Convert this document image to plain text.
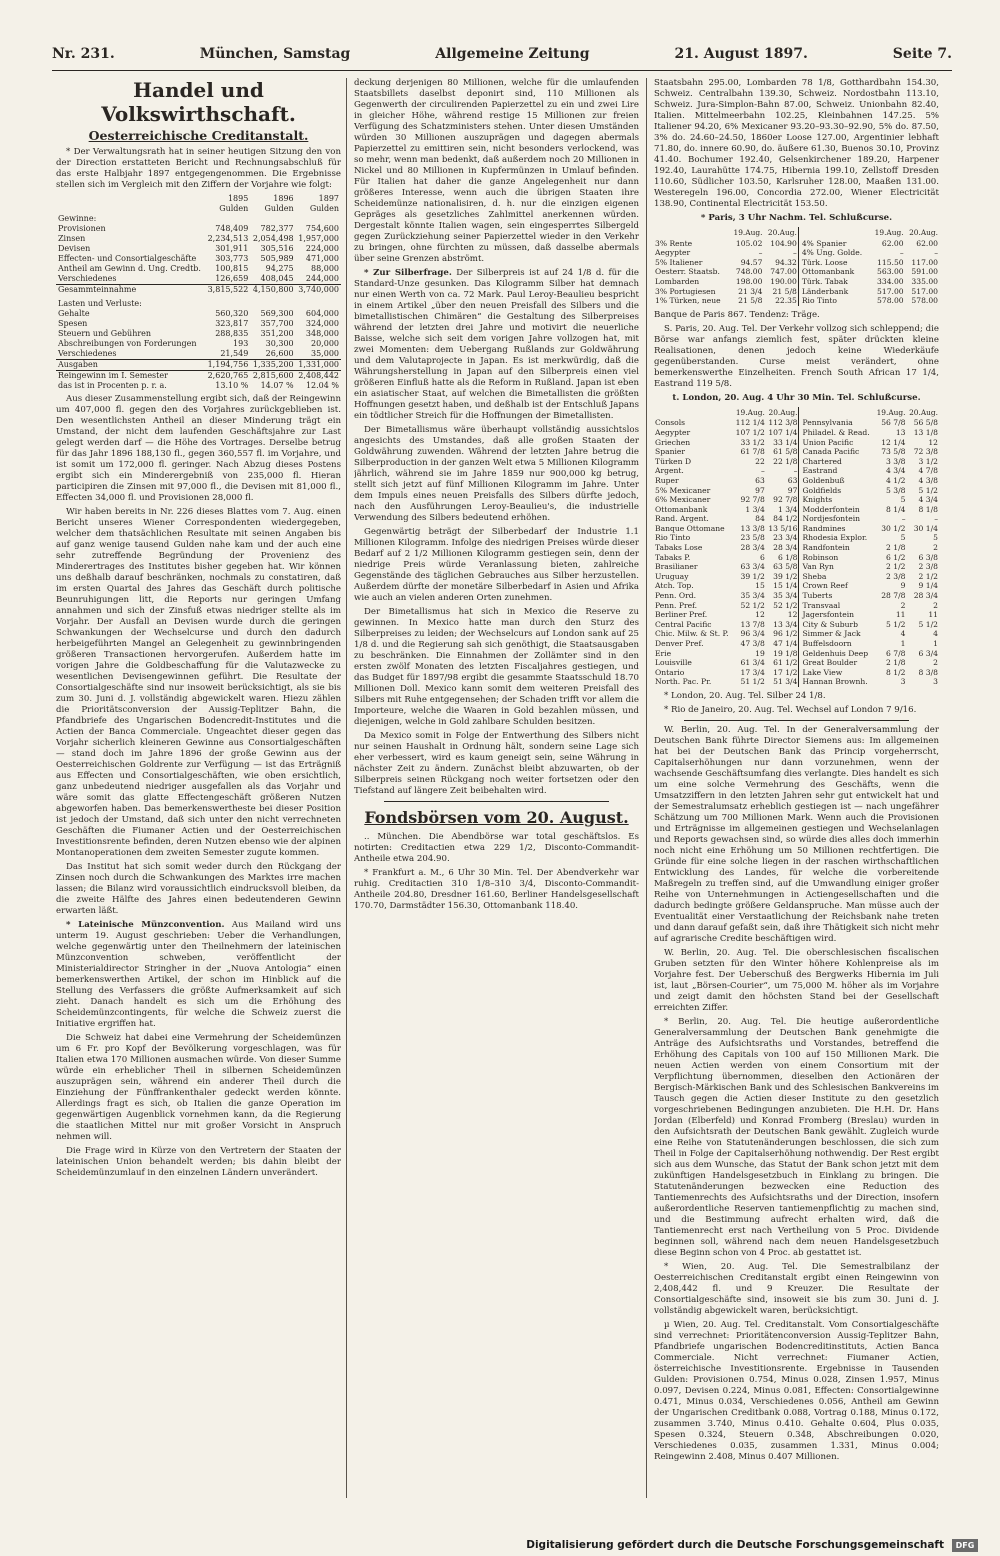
Nr. 231.	München, Samstag	Allgemeine Zeitung	21. August 1897.	Seite 7.
Handel und Volkswirthschaft.
Oesterreichische Creditanstalt.

* Der Verwaltungsrath hat in seiner heutigen Sitzung den von der Direction erstatteten Bericht und Rechnungsabschluß für das erste Halbjahr 1897 entgegengenommen. Die Ergebnisse stellen sich im Vergleich mit den Ziffern der Vorjahre wie folgt:

	1895	1896	1897
	Gulden	Gulden	Gulden
Gewinne:			
Provisionen	748,409	782,377	754,600
Zinsen	2,234,513	2,054,498	1,957,000
Devisen	301,911	305,516	224,000
Effecten- und Consortialgeschäfte	303,773	505,989	471,000
Antheil am Gewinn d. Ung. Credtb.	100,815	94,275	88,000
Verschiedenes	126,659	408,045	244,000
Gesammteinnahme	3,815,522	4,150,800	3,740,000
Lasten und Verluste:			
Gehalte	560,320	569,300	604,000
Spesen	323,817	357,700	324,000
Steuern und Gebühren	288,835	351,200	348,000
Abschreibungen von Forderungen	193	30,300	20,000
Verschiedenes	21,549	26,600	35,000
Ausgaben	1,194,756	1,335,200	1,331,000
Reingewinn im I. Semester	2,620,765	2,815,600	2,408,442
das ist in Procenten p. r. a.	13.10 %	14.07 %	12.04 %

Aus dieser Zusammenstellung ergibt sich, daß der Reingewinn um 407,000 fl. gegen den des Vorjahres zurückgeblieben ist. Den wesentlichsten Antheil an dieser Minderung trägt ein Umstand, der nicht dem laufenden Geschäftsjahre zur Last gelegt werden darf — die Höhe des Vortrages. Derselbe betrug für das Jahr 1896 188,130 fl., gegen 360,557 fl. im Vorjahre, und ist somit um 172,000 fl. geringer. Nach Abzug dieses Postens ergibt sich ein Minderergebniß von 235,000 fl. Hieran participiren die Zinsen mit 97,000 fl., die Devisen mit 81,000 fl., Effecten 34,000 fl. und Provisionen 28,000 fl.

Wir haben bereits in Nr. 226 dieses Blattes vom 7. Aug. einen Bericht unseres Wiener Correspondenten wiedergegeben, welcher dem thatsächlichen Resultate mit seinen Angaben bis auf ganz wenige tausend Gulden nahe kam und der auch eine sehr zutreffende Begründung der Provenienz des Minderertrages des Institutes bisher gegeben hat. Wir können uns deßhalb darauf beschränken, nochmals zu constatiren, daß im ersten Quartal des Jahres das Geschäft durch politische Beunruhigungen litt, die Reports nur geringen Umfang annahmen und sich der Zinsfuß etwas niedriger stellte als im Vorjahr. Der Ausfall an Devisen wurde durch die geringen Schwankungen der Wechselcurse und durch den dadurch herbeigeführten Mangel an Gelegenheit zu gewinnbringenden größeren Transactionen hervorgerufen. Außerdem hatte im vorigen Jahre die Goldbeschaffung für die Valutazwecke zu wesentlichen Devisengewinnen geführt. Die Resultate der Consortialgeschäfte sind nur insoweit berücksichtigt, als sie bis zum 30. Juni d. J. vollständig abgewickelt waren. Hiezu zählen die Prioritätsconversion der Aussig-Teplitzer Bahn, die Pfandbriefe des Ungarischen Bodencredit-Institutes und die Actien der Banca Commerciale. Ungeachtet dieser gegen das Vorjahr sicherlich kleineren Gewinne aus Consortialgeschäften — stand doch im Jahre 1896 der große Gewinn aus der Oesterreichischen Goldrente zur Verfügung — ist das Erträgniß aus Effecten und Consortialgeschäften, wie oben ersichtlich, ganz unbedeutend niedriger ausgefallen als das Vorjahr und wäre somit das glatte Effectengeschäft größeren Nutzen abgeworfen haben. Das bemerkenswertheste bei dieser Position ist jedoch der Umstand, daß sich unter den nicht verrechneten Geschäften die Fiumaner Actien und der Oesterreichischen Investitionsrente befinden, deren Nutzen ebenso wie der alpinen Montanoperationen dem zweiten Semester zugute kommen.

Das Institut hat sich somit weder durch den Rückgang der Zinsen noch durch die Schwankungen des Marktes irre machen lassen; die Bilanz wird voraussichtlich eindrucksvoll bleiben, da die zweite Hälfte des Jahres einen bedeutenderen Gewinn erwarten läßt.

* Lateinische Münzconvention. Aus Mailand wird uns unterm 19. August geschrieben: Ueber die Verhandlungen, welche gegenwärtig unter den Theilnehmern der lateinischen Münzconvention schweben, veröffentlicht der Ministerialdirector Stringher in der „Nuova Antologia“ einen bemerkenswerthen Artikel, der schon im Hinblick auf die Stellung des Verfassers die größte Aufmerksamkeit auf sich zieht. Danach handelt es sich um die Erhöhung des Scheidemünzcontingents, für welche die Schweiz zuerst die Initiative ergriffen hat.

Die Schweiz hat dabei eine Vermehrung der Scheidemünzen um 6 Fr. pro Kopf der Bevölkerung vorgeschlagen, was für Italien etwa 170 Millionen ausmachen würde. Von dieser Summe würde ein erheblicher Theil in silbernen Scheidemünzen auszuprägen sein, während ein anderer Theil durch die Einziehung der Fünffrankenthaler gedeckt werden könnte. Allerdings fragt es sich, ob Italien die ganze Operation im gegenwärtigen Augenblick vornehmen kann, da die Regierung die staatlichen Mittel nur mit großer Vorsicht in Anspruch nehmen will.

Die Frage wird in Kürze von den Vertretern der Staaten der lateinischen Union behandelt werden; bis dahin bleibt der Scheidemünzumlauf in den einzelnen Ländern unverändert.

deckung derjenigen 80 Millionen, welche für die umlaufenden Staatsbillets daselbst deponirt sind, 110 Millionen als Gegenwerth der circulirenden Papierzettel zu ein und zwei Lire in gleicher Höhe, während restige 15 Millionen zur freien Verfügung des Schatzministers stehen. Unter diesen Umständen würden 30 Millionen auszuprägen und dagegen abermals Papierzettel zu emittiren sein, nicht besonders verlockend, was so mehr, wenn man bedenkt, daß außerdem noch 20 Millionen in Nickel und 80 Millionen in Kupfermünzen in Umlauf befinden. Für Italien hat daher die ganze Angelegenheit nur dann größeres Interesse, wenn auch die übrigen Staaten ihre Scheidemünze nationalisiren, d. h. nur die einzigen eigenen Gepräges als gesetzliches Zahlmittel anerkennen würden. Dergestalt könnte Italien wagen, sein eingesperrtes Silbergeld gegen Zurückziehung seiner Papierzettel wieder in den Verkehr zu bringen, ohne fürchten zu müssen, daß dasselbe abermals über seine Grenzen abströmt.

* Zur Silberfrage. Der Silberpreis ist auf 24 1/8 d. für die Standard-Unze gesunken. Das Kilogramm Silber hat demnach nur einen Werth von ca. 72 Mark. Paul Leroy-Beaulieu bespricht in einem Artikel „über den neuen Preisfall des Silbers und die bimetallistischen Chimären“ die Gestaltung des Silberpreises während der letzten drei Jahre und motivirt die neuerliche Baisse, welche sich seit dem vorigen Jahre vollzogen hat, mit zwei Momenten: dem Uebergang Rußlands zur Goldwährung und dem Valutaprojecte in Japan. Es ist merkwürdig, daß die Währungsherstellung in Japan auf den Silberpreis einen viel größeren Einfluß hatte als die Reform in Rußland. Japan ist eben ein asiatischer Staat, auf welchen die Bimetallisten die größten Hoffnungen gesetzt haben, und deßhalb ist der Entschluß Japans ein tödtlicher Streich für die Hoffnungen der Bimetallisten.

Der Bimetallismus wäre überhaupt vollständig aussichtslos angesichts des Umstandes, daß alle großen Staaten der Goldwährung zuwenden. Während der letzten Jahre betrug die Silberproduction in der ganzen Welt etwa 5 Millionen Kilogramm jährlich, während sie im Jahre 1859 nur 900,000 kg betrug, stellt sich jetzt auf fünf Millionen Kilogramm im Jahre. Unter dem Impuls eines neuen Preisfalls des Silbers dürfte jedoch, nach den Ausführungen Leroy-Beaulieu's, die industrielle Verwendung des Silbers bedeutend erhöhen.

Gegenwärtig beträgt der Silberbedarf der Industrie 1.1 Millionen Kilogramm. Infolge des niedrigen Preises würde dieser Bedarf auf 2 1/2 Millionen Kilogramm gestiegen sein, denn der niedrige Preis würde Veranlassung bieten, zahlreiche Gegenstände des täglichen Gebrauches aus Silber herzustellen. Außerdem dürfte der monetäre Silberbedarf in Asien und Afrika wie auch an vielen anderen Orten zunehmen.

Der Bimetallismus hat sich in Mexico die Reserve zu gewinnen. In Mexico hatte man durch den Sturz des Silberpreises zu leiden; der Wechselcurs auf London sank auf 25 1/8 d. und die Regierung sah sich genöthigt, die Staatsausgaben zu beschränken. Die Einnahmen der Zollämter sind in den ersten zwölf Monaten des letzten Fiscaljahres gestiegen, und das Budget für 1897/98 ergibt die gesammte Staatsschuld 18.70 Millionen Doll. Mexico kann somit dem weiteren Preisfall des Silbers mit Ruhe entgegensehen; der Schaden trifft vor allem die Importeure, welche die Waaren in Gold bezahlen müssen, und diejenigen, welche in Gold zahlbare Schulden besitzen.

Da Mexico somit in Folge der Entwerthung des Silbers nicht nur seinen Haushalt in Ordnung hält, sondern seine Lage sich eher verbessert, wird es kaum geneigt sein, seine Währung in nächster Zeit zu ändern. Zunächst bleibt abzuwarten, ob der Silberpreis seinen Rückgang noch weiter fortsetzen oder den Tiefstand auf längere Zeit beibehalten wird.

Fondsbörsen vom 20. August.

.. München. Die Abendbörse war total geschäftslos. Es notirten: Creditactien etwa 229 1/2, Disconto-Commandit-Antheile etwa 204.90.

* Frankfurt a. M., 6 Uhr 30 Min. Tel. Der Abendverkehr war ruhig. Creditactien 310 1/8–310 3/4, Disconto-Commandit-Antheile 204.80, Dresdner 161.60, Berliner Handelsgesellschaft 170.70, Darmstädter 156.30, Ottomanbank 118.40.

Staatsbahn 295.00, Lombarden 78 1/8, Gotthardbahn 154.30, Schweiz. Centralbahn 139.30, Schweiz. Nordostbahn 113.10, Schweiz. Jura-Simplon-Bahn 87.00, Schweiz. Unionbahn 82.40, Italien. Mittelmeerbahn 102.25, Kleinbahnen 147.25. 5% Italiener 94.20, 6% Mexicaner 93.20–93.30–92.90, 5% do. 87.50, 3% do. 24.60–24.50, 1860er Loose 127.00, Argentinier lebhaft 71.80, do. innere 60.90, do. äußere 61.30, Buenos 30.10, Provinz 41.40. Bochumer 192.40, Gelsenkirchener 189.20, Harpener 192.40, Laurahütte 174.75, Hibernia 199.10, Zellstoff Dresden 110.60, Südlicher 103.50, Karlsruher 128.00, Maaßen 131.00. Westeregeln 196.00, Concordia 272.00, Wiener Electricität 138.90, Continental Electricität 153.50.

* Paris, 3 Uhr Nachm. Tel. Schlußcurse.

	19.Aug.	20.Aug.		19.Aug.	20.Aug.
3% Rente	105.02	104.90	4% Spanier	62.00	62.00
Aegypter	–	–	4% Ung. Golde.	–	–
5% Italiener	94.57	94.32	Türk. Loose	115.50	117.00
Oesterr. Staatsb.	748.00	747.00	Ottomanbank	563.00	591.00
Lombarden	198.00	190.00	Türk. Tabak	334.00	335.00
3% Portugiesen	21 3/4	21 5/8	Länderbank	517.00	517.00
1% Türken, neue	21 5/8	22.35	Rio Tinto	578.00	578.00

Banque de Paris 867. Tendenz: Träge.

S. Paris, 20. Aug. Tel. Der Verkehr vollzog sich schleppend; die Börse war anfangs ziemlich fest, später drückten kleine Realisationen, denen jedoch keine Wiederkäufe gegenüberstanden. Curse meist verändert, ohne bemerkenswerthe Einzelheiten. French South African 17 1/4, Eastrand 119 5/8.

t. London, 20. Aug. 4 Uhr 30 Min. Tel. Schlußcurse.

	19.Aug.	20.Aug.		19.Aug.	20.Aug.
Consols	112 1/4	112 3/8	Pennsylvania	56 7/8	56 5/8
Aegypter	107 1/2	107 1/4	Philadel. & Read.	13	13 1/8
Griechen	33 1/2	33 1/4	Union Pacific	12 1/4	12
Spanier	61 7/8	61 5/8	Canada Pacific	73 5/8	72 3/8
Türken D	22	22 1/8	Chartered	3 3/8	3 1/2
Argent.	–	–	Eastrand	4 3/4	4 7/8
Ruper	63	63	Goldenbuß	4 1/2	4 3/8
5% Mexicaner	97	97	Goldfields	5 3/8	5 1/2
6% Mexicaner	92 7/8	92 7/8	Knights	5	4 3/4
Ottomanbank	1 3/4	1 3/4	Modderfontein	8 1/4	8 1/8
Rand. Argent.	84	84 1/2	Nordjesfontein	–	–
Banque Ottomane	13 3/8	13 5/16	Randmines	30 1/2	30 1/4
Rio Tinto	23 5/8	23 3/4	Rhodesia Explor.	5	5
Tabaks Lose	28 3/4	28 3/4	Randfontein	2 1/8	2
Tabaks P.	6	6 1/8	Robinson	6 1/2	6 3/8
Brasilianer	63 3/4	63 5/8	Van Ryn	2 1/2	2 3/8
Uruguay	39 1/2	39 1/2	Sheba	2 3/8	2 1/2
Atch. Top.	15	15 1/4	Crown Reef	9	9 1/4
Penn. Ord.	35 3/4	35 3/4	Tuberts	28 7/8	28 3/4
Penn. Pref.	52 1/2	52 1/2	Transvaal	2	2
Berliner Pref.	12	12	Jagersfontein	11	11
Central Pacific	13 7/8	13 3/4	City & Suburb	5 1/2	5 1/2
Chic. Milw. & St. P.	96 3/4	96 1/2	Simmer & Jack	4	4
Denver Pref.	47 3/8	47 1/4	Buffelsdoorn	1	1
Erie	19	19 1/8	Geldenhuis Deep	6 7/8	6 3/4
Louisville	61 3/4	61 1/2	Great Boulder	2 1/8	2
Ontario	17 3/4	17 1/2	Lake View	8 1/2	8 3/8
North. Pac. Pr.	51 1/2	51 3/4	Hannan Brownh.	3	3

* London, 20. Aug. Tel. Silber 24 1/8.

* Rio de Janeiro, 20. Aug. Tel. Wechsel auf London 7 9/16.

W. Berlin, 20. Aug. Tel. In der Generalversammlung der Deutschen Bank führte Director Siemens aus: Im allgemeinen hat bei der Deutschen Bank das Princip vorgeherrscht, Capitalserhöhungen nur dann vorzunehmen, wenn der wachsende Geschäftsumfang dies verlangte. Dies handelt es sich um eine solche Vermehrung des Geschäfts, wenn die Umsatzziffern in den letzten Jahren sehr gut entwickelt hat und der Semestralumsatz erheblich gestiegen ist — nach ungefährer Schätzung um 700 Millionen Mark. Wenn auch die Provisionen und Erträgnisse im allgemeinen gestiegen und Wechselanlagen und Reports gewachsen sind, so würde dies alles doch immerhin noch nicht eine Erhöhung um 50 Millionen rechtfertigen. Die Gründe für eine solche liegen in der raschen wirthschaftlichen Entwicklung des Landes, für welche die vorbereitende Maßregeln zu treffen sind, auf die Umwandlung einiger großer Reihe von Unternehmungen in Actiengesellschaften und die dadurch bedingte größere Geldanspruche. Man müsse auch der Eventualität einer Verstaatlichung der Reichsbank nahe treten und dann darauf gefaßt sein, daß ihre Thätigkeit sich nicht mehr auf agrarische Credite beschäftigen wird.

W. Berlin, 20. Aug. Tel. Die oberschlesischen fiscalischen Gruben setzten für den Winter höhere Kohlenpreise als im Vorjahre fest. Der Ueberschuß des Bergwerks Hibernia im Juli ist, laut „Börsen-Courier“, um 75,000 M. höher als im Vorjahre und zeigt damit den höchsten Stand bei der Gesellschaft erreichten Ziffer.

* Berlin, 20. Aug. Tel. Die heutige außerordentliche Generalversammlung der Deutschen Bank genehmigte die Anträge des Aufsichtsraths und Vorstandes, betreffend die Erhöhung des Capitals von 100 auf 150 Millionen Mark. Die neuen Actien werden von einem Consortium mit der Verpflichtung übernommen, dieselben den Actionären der Bergisch-Märkischen Bank und des Schlesischen Bankvereins im Tausch gegen die Actien dieser Institute zu den gesetzlich vorgeschriebenen Bedingungen anzubieten. Die H.H. Dr. Hans Jordan (Elberfeld) und Konrad Fromberg (Breslau) wurden in den Aufsichtsrath der Deutschen Bank gewählt. Zugleich wurde eine Reihe von Statutenänderungen beschlossen, die sich zum Theil in Folge der Capitalserhöhung nothwendig. Der Rest ergibt sich aus dem Wunsche, das Statut der Bank schon jetzt mit dem zukünftigen Handelsgesetzbuch in Einklang zu bringen. Die Statutenänderungen bezwecken eine Reduction des Tantiemenrechts des Aufsichtsraths und der Direction, insofern außerordentliche Reserven tantiemenpflichtig zu machen sind, und die Bestimmung aufrecht erhalten wird, daß die Tantiemenrecht erst nach Vertheilung von 5 Proc. Dividende beginnen soll, während nach dem neuen Handelsgesetzbuch diese Beginn schon von 4 Proc. ab gestattet ist.

* Wien, 20. Aug. Tel. Die Semestralbilanz der Oesterreichischen Creditanstalt ergibt einen Reingewinn von 2,408,442 fl. und 9 Kreuzer. Die Resultate der Consortialgeschäfte sind, insoweit sie bis zum 30. Juni d. J. vollständig abgewickelt waren, berücksichtigt.

µ Wien, 20. Aug. Tel. Creditanstalt. Vom Consortialgeschäfte sind verrechnet: Prioritätenconversion Aussig-Teplitzer Bahn, Pfandbriefe ungarischen Bodencreditinstituts, Actien Banca Commerciale. Nicht verrechnet: Fiumaner Actien, österreichische Investitionsrente. Ergebnisse in Tausenden Gulden: Provisionen 0.754, Minus 0.028, Zinsen 1.957, Minus 0.097, Devisen 0.224, Minus 0.081, Effecten: Consortialgewinne 0.471, Minus 0.034, Verschiedenes 0.056, Antheil am Gewinn der Ungarischen Creditbank 0.088, Vortrag 0.188, Minus 0.172, zusammen 3.740, Minus 0.410. Gehalte 0.604, Plus 0.035, Spesen 0.324, Steuern 0.348, Abschreibungen 0.020, Verschiedenes 0.035, zusammen 1.331, Minus 0.004; Reingewinn 2.408, Minus 0.407 Millionen.

Digitalisierung gefördert durch die Deutsche Forschungsgemeinschaft	DFG
